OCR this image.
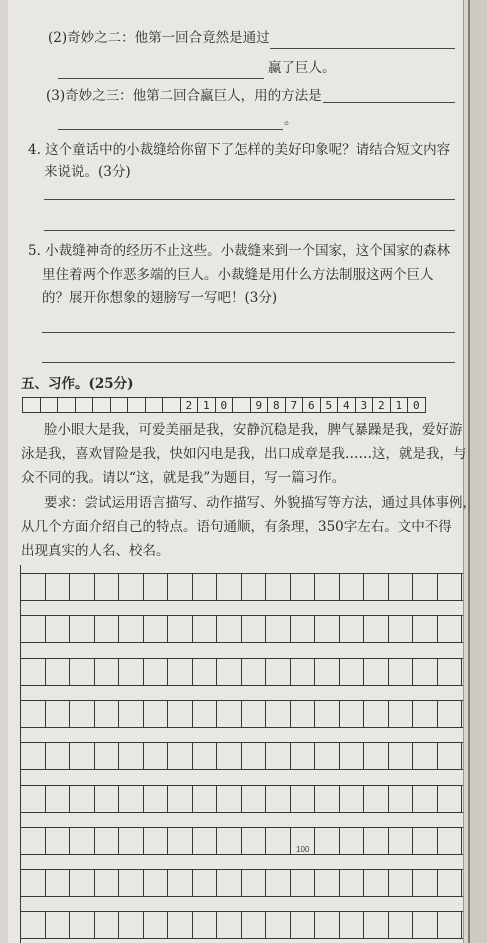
(2)奇妙之二：他第一回合竟然是通过
赢了巨人。
(3)奇妙之三：他第二回合赢巨人，用的方法是
。
4. 这个童话中的小裁缝给你留下了怎样的美好印象呢？请结合短文内容
来说说。(3分)
5. 小裁缝神奇的经历不止这些。小裁缝来到一个国家，这个国家的森林
里住着两个作恶多端的巨人。小裁缝是用什么方法制服这两个巨人
的？展开你想象的翅膀写一写吧！(3分)
五、习作。(25分)
2 1 0	9 8 7 6 5 4 3 2 1 0
脸小眼大是我，可爱美丽是我，安静沉稳是我，脾气暴躁是我，爱好游
泳是我，喜欢冒险是我，快如闪电是我，出口成章是我……这，就是我，与
众不同的我。请以“这，就是我”为题目，写一篇习作。
要求：尝试运用语言描写、动作描写、外貌描写等方法，通过具体事例，
从几个方面介绍自己的特点。语句通顺，有条理，350字左右。文中不得
出现真实的人名、校名。
100
